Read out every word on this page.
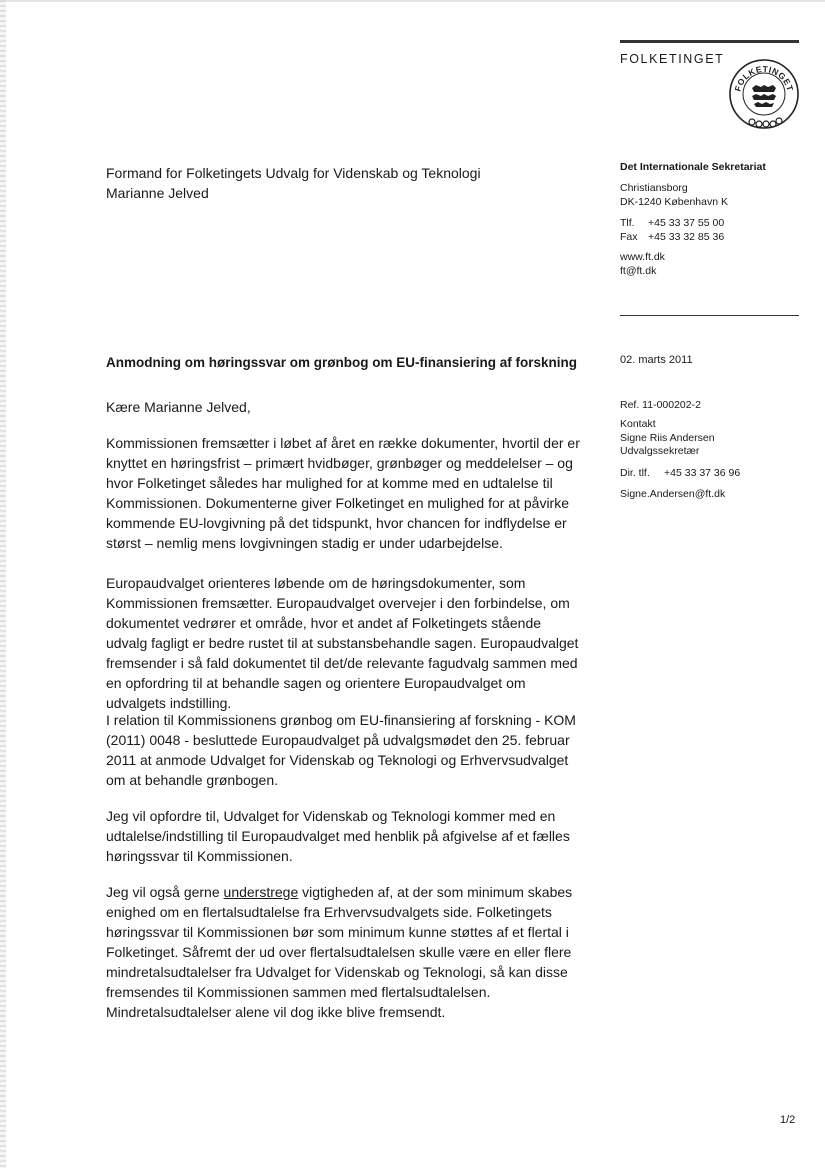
FOLKETINGET
FOLKETINGET
Formand for Folketingets Udvalg for Videnskab og Teknologi
Marianne Jelved
Det Internationale Sekretariat
Christiansborg
DK-1240 København K
Tlf.	+45 33 37 55 00
Fax +45 33 32 85 36
www.ft.dk
ft@ft.dk
02. marts 2011
Ref. 11-000202-2
Kontakt
Signe Riis Andersen
Udvalgssekretær
Dir. tlf.	+45 33 37 36 96
Signe.Andersen@ft.dk
Anmodning om høringssvar om grønbog om EU-finansiering af forskning

Kære Marianne Jelved,

Kommissionen fremsætter i løbet af året en række dokumenter, hvortil der er knyttet en høringsfrist – primært hvidbøger, grønbøger og meddelelser – og hvor Folketinget således har mulighed for at komme med en udtalelse til Kommissionen. Dokumenterne giver Folketinget en mulighed for at påvirke kommende EU-lovgivning på det tidspunkt, hvor chancen for indflydelse er størst – nemlig mens lovgivningen stadig er under udarbejdelse.

Europaudvalget orienteres løbende om de høringsdokumenter, som Kommissionen fremsætter. Europaudvalget overvejer i den forbindelse, om dokumentet vedrører et område, hvor et andet af Folketingets stående udvalg fagligt er bedre rustet til at substansbehandle sagen. Europaudvalget fremsender i så fald dokumentet til det/de relevante fagudvalg sammen med en opfordring til at behandle sagen og orientere Europaudvalget om udvalgets indstilling.

I relation til Kommissionens grønbog om EU-finansiering af forskning - KOM (2011) 0048 - besluttede Europaudvalget på udvalgsmødet den 25. februar 2011 at anmode Udvalget for Videnskab og Teknologi og Erhvervsudvalget om at behandle grønbogen.

Jeg vil opfordre til, Udvalget for Videnskab og Teknologi kommer med en udtalelse/indstilling til Europaudvalget med henblik på afgivelse af et fælles høringssvar til Kommissionen.

Jeg vil også gerne understrege vigtigheden af, at der som minimum skabes enighed om en flertalsudtalelse fra Erhvervsudvalgets side. Folketingets høringssvar til Kommissionen bør som minimum kunne støttes af et flertal i Folketinget. Såfremt der ud over flertalsudtalelsen skulle være en eller flere mindretalsudtalelser fra Udvalget for Videnskab og Teknologi, så kan disse fremsendes til Kommissionen sammen med flertalsudtalelsen. Mindretalsudtalelser alene vil dog ikke blive fremsendt.

1/2
